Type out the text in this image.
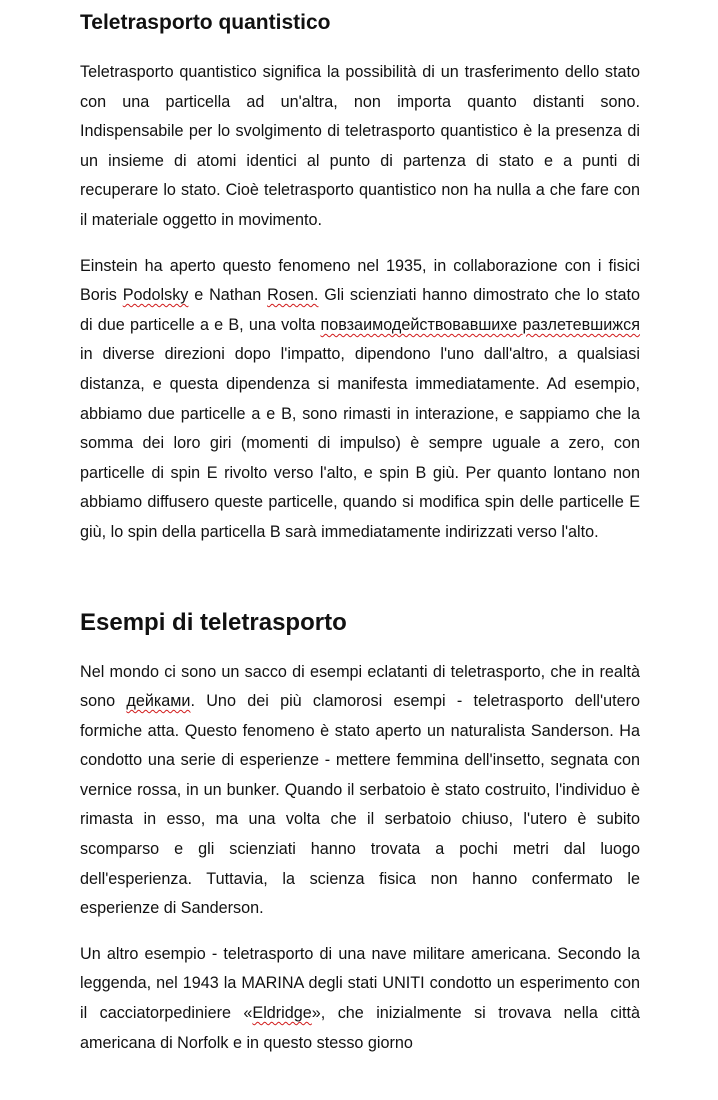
Teletrasporto quantistico

Teletrasporto quantistico significa la possibilità di un trasferimento dello stato con una particella ad un'altra, non importa quanto distanti sono. Indispensabile per lo svolgimento di teletrasporto quantistico è la presenza di un insieme di atomi identici al punto di partenza di stato e a punti di recuperare lo stato. Cioè teletrasporto quantistico non ha nulla a che fare con il materiale oggetto in movimento.

Einstein ha aperto questo fenomeno nel 1935, in collaborazione con i fisici Boris Podolsky e Nathan Rosen. Gli scienziati hanno dimostrato che lo stato di due particelle a e B, una volta повзаимодействовавшихе разлетевшижся in diverse direzioni dopo l'impatto, dipendono l'uno dall'altro, a qualsiasi distanza, e questa dipendenza si manifesta immediatamente. Ad esempio, abbiamo due particelle a e B, sono rimasti in interazione, e sappiamo che la somma dei loro giri (momenti di impulso) è sempre uguale a zero, con particelle di spin E rivolto verso l'alto, e spin B giù. Per quanto lontano non abbiamo diffusero queste particelle, quando si modifica spin delle particelle E giù, lo spin della particella B sarà immediatamente indirizzati verso l'alto.

Esempi di teletrasporto

Nel mondo ci sono un sacco di esempi eclatanti di teletrasporto, che in realtà sono дейками. Uno dei più clamorosi esempi - teletrasporto dell'utero formiche atta. Questo fenomeno è stato aperto un naturalista Sanderson. Ha condotto una serie di esperienze - mettere femmina dell'insetto, segnata con vernice rossa, in un bunker. Quando il serbatoio è stato costruito, l'individuo è rimasta in esso, ma una volta che il serbatoio chiuso, l'utero è subito scomparso e gli scienziati hanno trovata a pochi metri dal luogo dell'esperienza. Tuttavia, la scienza fisica non hanno confermato le esperienze di Sanderson.

Un altro esempio - teletrasporto di una nave militare americana. Secondo la leggenda, nel 1943 la MARINA degli stati UNITI condotto un esperimento con il cacciatorpediniere «Eldridge», che inizialmente si trovava nella città americana di Norfolk e in questo stesso giorno
